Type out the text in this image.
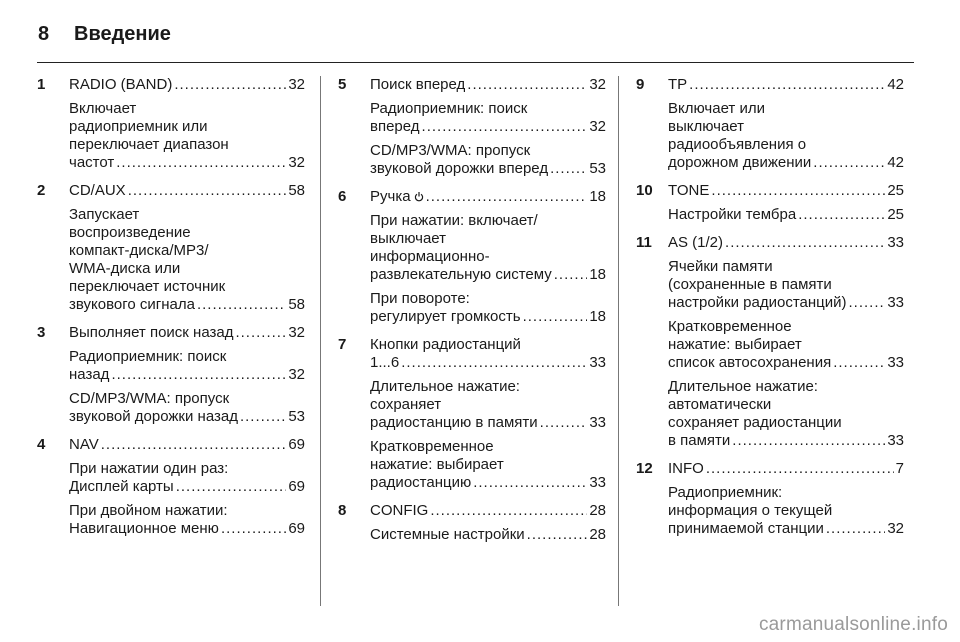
8	Введение
1	RADIO (BAND) .....	32
Включает
радиоприемник или
переключает диапазон
частот .....	32
2	CD/AUX .....	58
Запускает
воспроизведение
компакт-диска/MP3/
WMA-диска или
переключает источник
звукового сигнала .....	58
3	Выполняет поиск назад .....	32
Радиоприемник: поиск
назад .....	32
CD/MP3/WMA: пропуск
звуковой дорожки назад .....	53
4	NAV .....	69
При нажатии один раз:
Дисплей карты .....	69
При двойном нажатии:
Навигационное меню .....	69
5	Поиск вперед .....	32
Радиоприемник: поиск
вперед .....	32
CD/MP3/WMA: пропуск
звуковой дорожки вперед .....	53
6	Ручка .....	18
При нажатии: включает/
выключает
информационно-
развлекательную систему .....	18
При повороте:
регулирует громкость .....	18
7	Кнопки радиостанций
1...6 .....	33
Длительное нажатие:
сохраняет
радиостанцию в памяти .....	33
Кратковременное
нажатие: выбирает
радиостанцию .....	33
8	CONFIG .....	28
Системные настройки .....	28
9	TP .....	42
Включает или
выключает
радиообъявления о
дорожном движении .....	42
10	TONE .....	25
Настройки тембра .....	25
11	AS (1/2) .....	33
Ячейки памяти
(сохраненные в памяти
настройки радиостанций) .....	33
Кратковременное
нажатие: выбирает
список автосохранения .....	33
Длительное нажатие:
автоматически
сохраняет радиостанции
в памяти .....	33
12	INFO .....	7
Радиоприемник:
информация о текущей
принимаемой станции .....	32
carmanualsonline.info
